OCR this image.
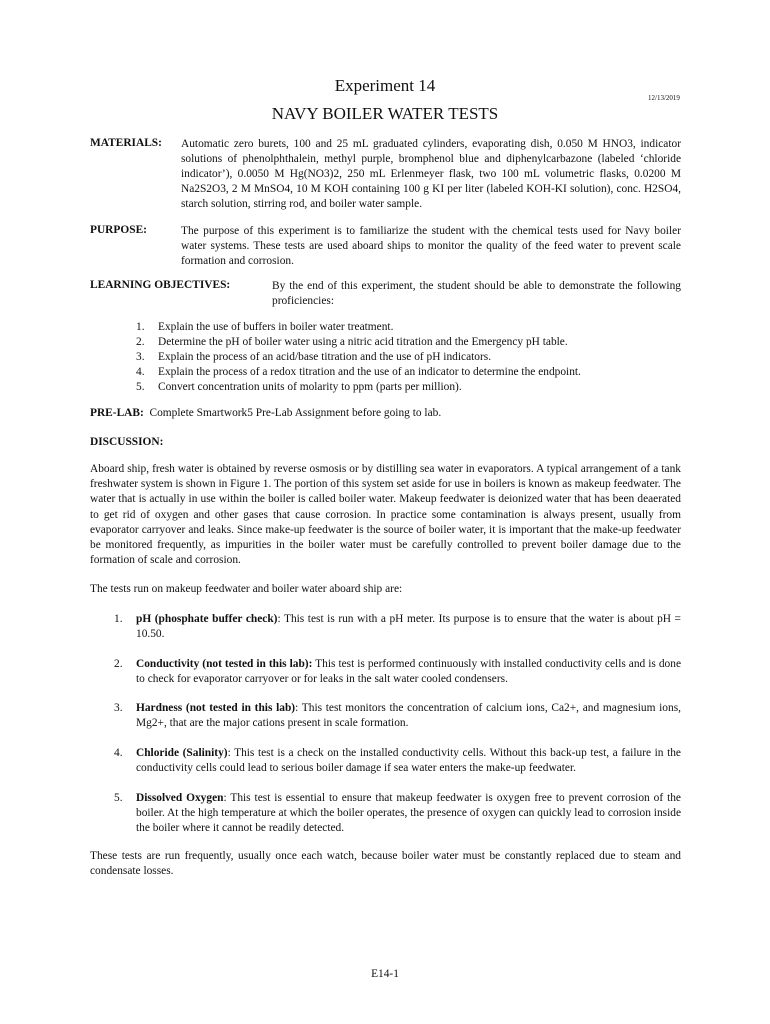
Experiment 14
12/13/2019
NAVY BOILER WATER TESTS
MATERIALS: Automatic zero burets, 100 and 25 mL graduated cylinders, evaporating dish, 0.050 M HNO3, indicator solutions of phenolphthalein, methyl purple, bromphenol blue and diphenylcarbazone (labeled ‘chloride indicator’), 0.0050 M Hg(NO3)2, 250 mL Erlenmeyer flask, two 100 mL volumetric flasks, 0.0200 M Na2S2O3, 2 M MnSO4, 10 M KOH containing 100 g KI per liter (labeled KOH-KI solution), conc. H2SO4, starch solution, stirring rod, and boiler water sample.
PURPOSE:	The purpose of this experiment is to familiarize the student with the chemical tests used for Navy boiler water systems. These tests are used aboard ships to monitor the quality of the feed water to prevent scale formation and corrosion.
LEARNING OBJECTIVES:	By the end of this experiment, the student should be able to demonstrate the following proficiencies:
1. Explain the use of buffers in boiler water treatment.
2. Determine the pH of boiler water using a nitric acid titration and the Emergency pH table.
3. Explain the process of an acid/base titration and the use of pH indicators.
4. Explain the process of a redox titration and the use of an indicator to determine the endpoint.
5. Convert concentration units of molarity to ppm (parts per million).
PRE-LAB: Complete Smartwork5 Pre-Lab Assignment before going to lab.
DISCUSSION:
Aboard ship, fresh water is obtained by reverse osmosis or by distilling sea water in evaporators. A typical arrangement of a tank freshwater system is shown in Figure 1. The portion of this system set aside for use in boilers is known as makeup feedwater. The water that is actually in use within the boiler is called boiler water. Makeup feedwater is deionized water that has been deaerated to get rid of oxygen and other gases that cause corrosion. In practice some contamination is always present, usually from evaporator carryover and leaks. Since make-up feedwater is the source of boiler water, it is important that the make-up feedwater be monitored frequently, as impurities in the boiler water must be carefully controlled to prevent boiler damage due to the formation of scale and corrosion.
The tests run on makeup feedwater and boiler water aboard ship are:
1. pH (phosphate buffer check): This test is run with a pH meter. Its purpose is to ensure that the water is about pH = 10.50.
2. Conductivity (not tested in this lab): This test is performed continuously with installed conductivity cells and is done to check for evaporator carryover or for leaks in the salt water cooled condensers.
3. Hardness (not tested in this lab): This test monitors the concentration of calcium ions, Ca2+, and magnesium ions, Mg2+, that are the major cations present in scale formation.
4. Chloride (Salinity): This test is a check on the installed conductivity cells. Without this back-up test, a failure in the conductivity cells could lead to serious boiler damage if sea water enters the make-up feedwater.
5. Dissolved Oxygen: This test is essential to ensure that makeup feedwater is oxygen free to prevent corrosion of the boiler. At the high temperature at which the boiler operates, the presence of oxygen can quickly lead to corrosion inside the boiler where it cannot be readily detected.
These tests are run frequently, usually once each watch, because boiler water must be constantly replaced due to steam and condensate losses.
E14-1
